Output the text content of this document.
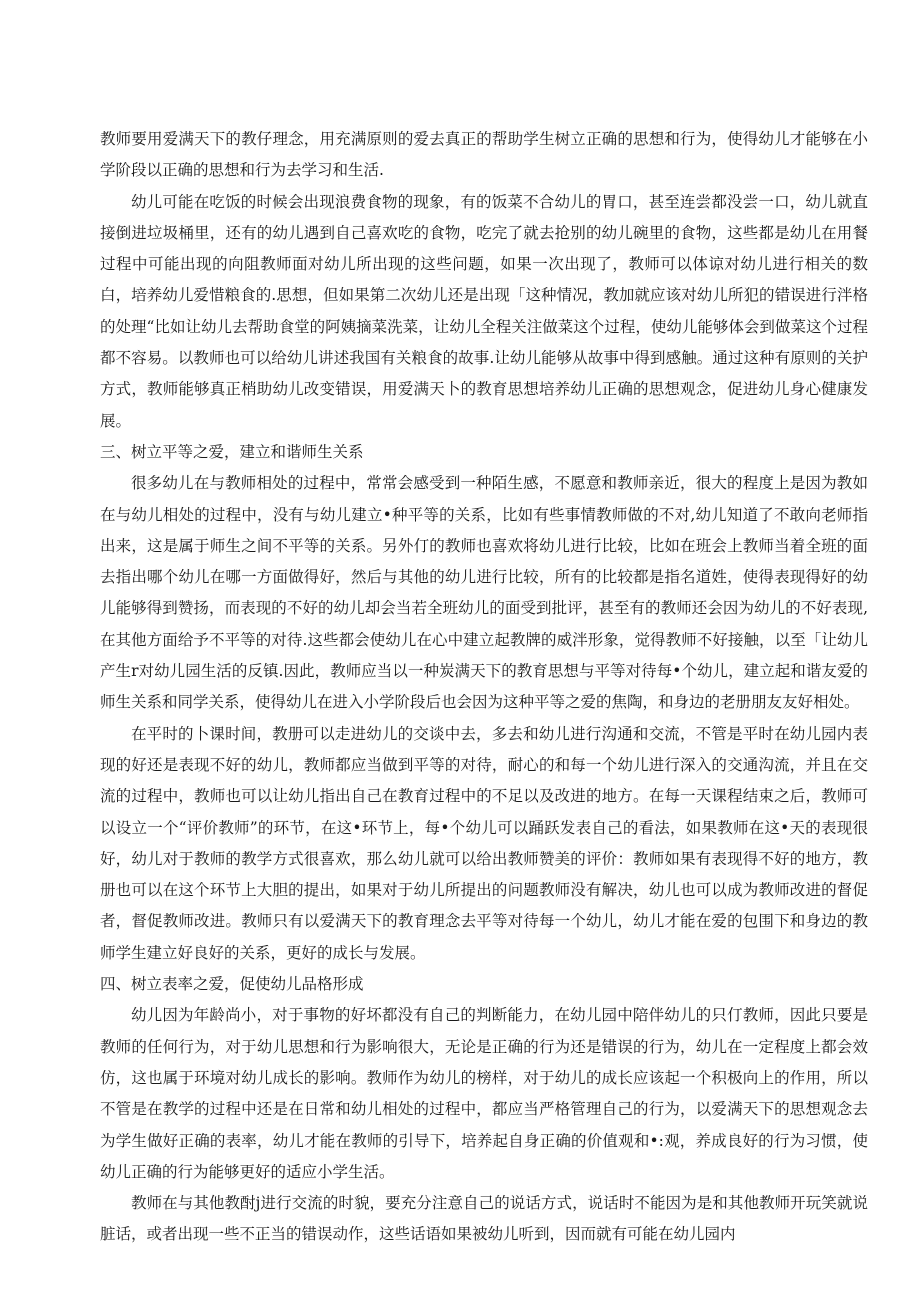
教师要用爱满天下的教仔理念，用充满原则的爱去真正的帮助学生树立正确的思想和行为，使得幼儿才能够在小学阶段以正确的思想和行为去学习和生活.

幼儿可能在吃饭的时候会出现浪费食物的现象，有的饭菜不合幼儿的胃口，甚至连尝都没尝一口，幼儿就直接倒进垃圾桶里，还有的幼儿遇到自己喜欢吃的食物，吃完了就去抢别的幼儿碗里的食物，这些都是幼儿在用餐过程中可能出现的向阻教师面对幼儿所出现的这些问题，如果一次出现了，教师可以体谅对幼儿进行相关的数白，培养幼儿爱惜粮食的.思想，但如果第二次幼儿还是出现「这种情况，教加就应该对幼儿所犯的错误进行泮格的处理“比如让幼儿去帮助食堂的阿姨摘菜洗菜，让幼儿全程关注做菜这个过程，使幼儿能够体会到做菜这个过程都不容易。以教师也可以给幼儿讲述我国有关粮食的故事.让幼儿能够从故事中得到感触。通过这种有原则的关护方式，教师能够真正梢助幼儿改变错误，用爱满天卜的教育思想培养幼儿正确的思想观念，促进幼儿身心健康发展。

三、树立平等之爱，建立和谐师生关系

很多幼儿在与教师相处的过程中，常常会感受到一种陌生感，不愿意和教师亲近，很大的程度上是因为教如在与幼儿相处的过程中，没有与幼儿建立•种平等的关系，比如有些事情教师做的不对,幼儿知道了不敢向老师指出来，这是属于师生之间不平等的关系。另外仃的教师也喜欢将幼儿进行比较，比如在班会上教师当着全班的面去指出哪个幼儿在哪一方面做得好，然后与其他的幼儿进行比较，所有的比较都是指名道姓，使得表现得好的幼儿能够得到赞扬，而表现的不好的幼儿却会当若全班幼儿的面受到批评，甚至有的教师还会因为幼儿的不好表现,在其他方面给予不平等的对待.这些都会使幼儿在心中建立起教牌的威泮形象，觉得教师不好接触，以至「让幼儿产生r对幼儿园生活的反镇.因此，教师应当以一种炭满天下的教育思想与平等对待每•个幼儿，建立起和谐友爱的师生关系和同学关系，使得幼儿在进入小学阶段后也会因为这种平等之爱的焦陶，和身边的老册朋友友好相处。

在平时的卜课时间，教册可以走进幼儿的交谈中去，多去和幼儿进行沟通和交流，不管是平时在幼儿园内表现的好还是表现不好的幼儿，教师都应当做到平等的对待，耐心的和每一个幼儿进行深入的交通沟流，并且在交流的过程中，教师也可以让幼儿指出自己在教育过程中的不足以及改进的地方。在每一天课程结束之后，教师可以设立一个“评价教师”的环节，在这•环节上，每•个幼儿可以踊跃发表自己的看法，如果教师在这•天的表现很好，幼儿对于教师的教学方式很喜欢，那么幼儿就可以给出教师赞美的评价：教师如果有表现得不好的地方，教册也可以在这个环节上大胆的提出，如果对于幼儿所提出的问题教师没有解决，幼儿也可以成为教师改进的督促者，督促教师改进。教师只有以爱满天下的教育理念去平等对待每一个幼儿，幼儿才能在爱的包围下和身边的教师学生建立好良好的关系，更好的成长与发展。

四、树立表率之爱，促使幼儿品格形成

幼儿因为年龄尚小，对于事物的好坏都没有自己的判断能力，在幼儿园中陪伴幼儿的只仃教师，因此只要是教师的任何行为，对于幼儿思想和行为影响很大，无论是正确的行为还是错误的行为，幼儿在一定程度上都会效仿，这也属于环境对幼儿成长的影响。教师作为幼儿的榜样，对于幼儿的成长应该起一个积极向上的作用，所以不管是在教学的过程中还是在日常和幼儿相处的过程中，都应当严格管理自己的行为，以爱满天下的思想观念去为学生做好正确的表率，幼儿才能在教师的引导下，培养起自身正确的价值观和•:观，养成良好的行为习惯，使幼儿正确的行为能够更好的适应小学生活。

教师在与其他教酎j进行交流的时貌，要充分注意自己的说话方式，说话时不能因为是和其他教师开玩笑就说脏话，或者出现一些不正当的错误动作，这些话语如果被幼儿听到，因而就有可能在幼儿园内
